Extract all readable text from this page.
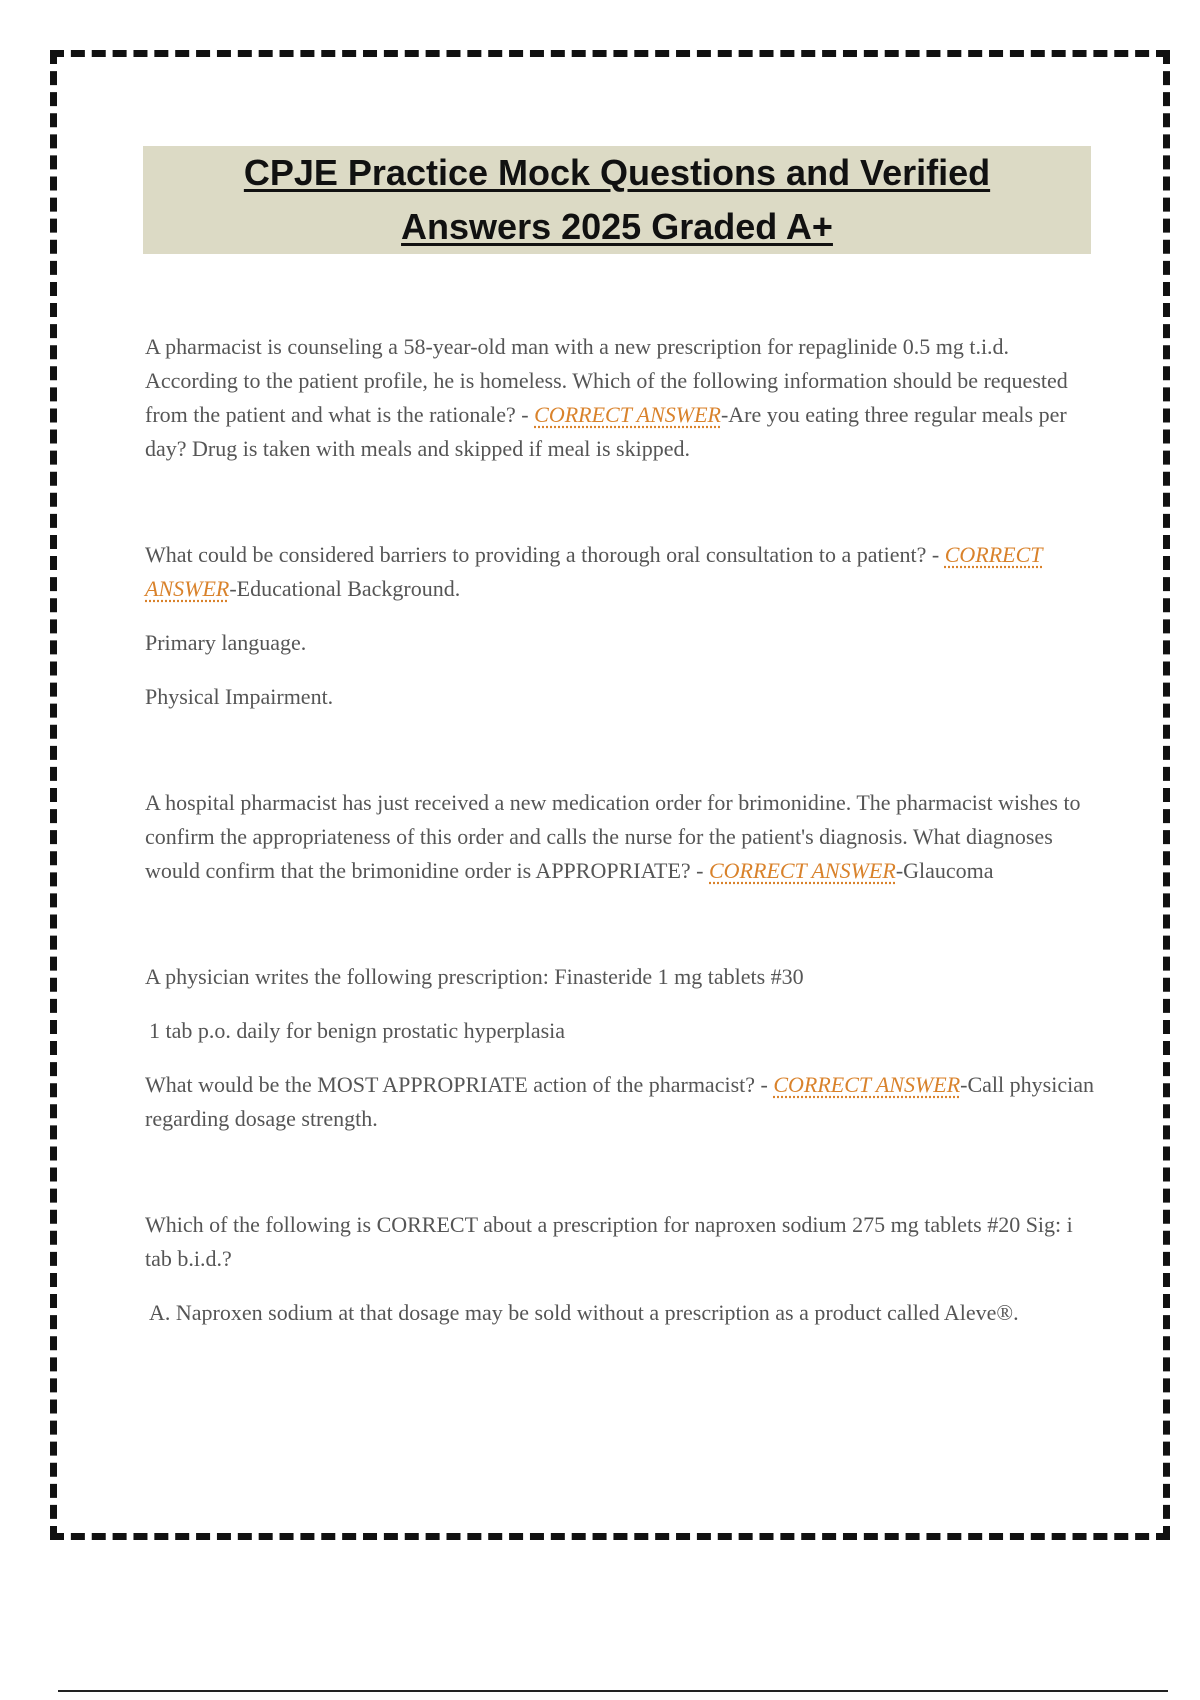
CPJE Practice Mock Questions and Verified
Answers 2025 Graded A+

A pharmacist is counseling a 58-year-old man with a new prescription for repaglinide 0.5 mg t.i.d. According to the patient profile, he is homeless. Which of the following information should be requested from the patient and what is the rationale? - CORRECT ANSWER-Are you eating three regular meals per day? Drug is taken with meals and skipped if meal is skipped.

What could be considered barriers to providing a thorough oral consultation to a patient? - CORRECT ANSWER-Educational Background.

Primary language.

Physical Impairment.

A hospital pharmacist has just received a new medication order for brimonidine. The pharmacist wishes to confirm the appropriateness of this order and calls the nurse for the patient's diagnosis. What diagnoses would confirm that the brimonidine order is APPROPRIATE? - CORRECT ANSWER-Glaucoma

A physician writes the following prescription: Finasteride 1 mg tablets #30

1 tab p.o. daily for benign prostatic hyperplasia

What would be the MOST APPROPRIATE action of the pharmacist? - CORRECT ANSWER-Call physician regarding dosage strength.

Which of the following is CORRECT about a prescription for naproxen sodium 275 mg tablets #20 Sig: i tab b.i.d.?

A. Naproxen sodium at that dosage may be sold without a prescription as a product called Aleve®.
